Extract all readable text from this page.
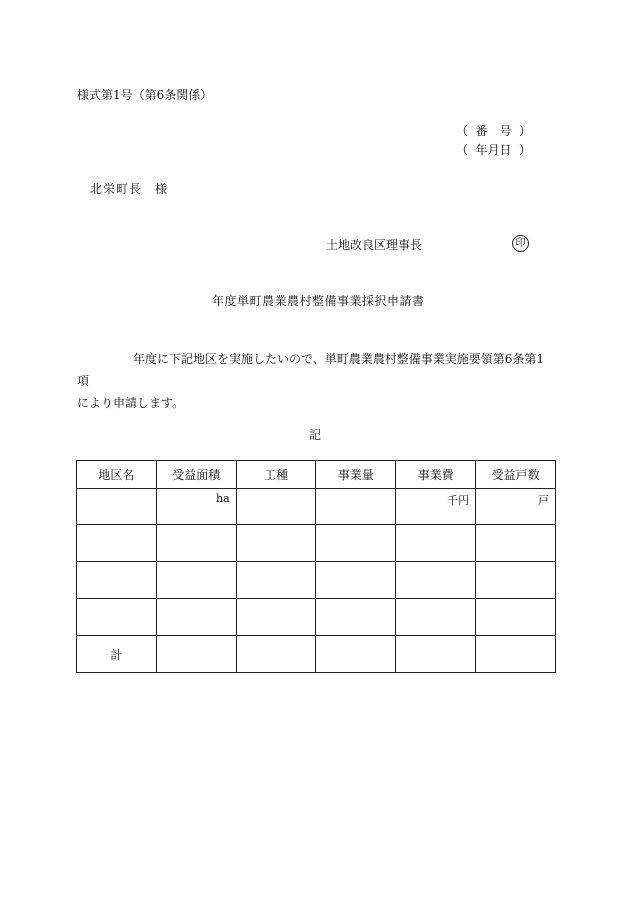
様式第1号（第6条関係）
（ 番　号 ）
（ 年月日 ）
北栄町長　様
土地改良区理事長	印
年度単町農業農村整備事業採択申請書
年度に下記地区を実施したいので、単町農業農村整備事業実施要領第6条第1項
により申請します。
記
地区名	受益面積	工種	事業量	事業費	受益戸数

	ha			千円	戸

計					
